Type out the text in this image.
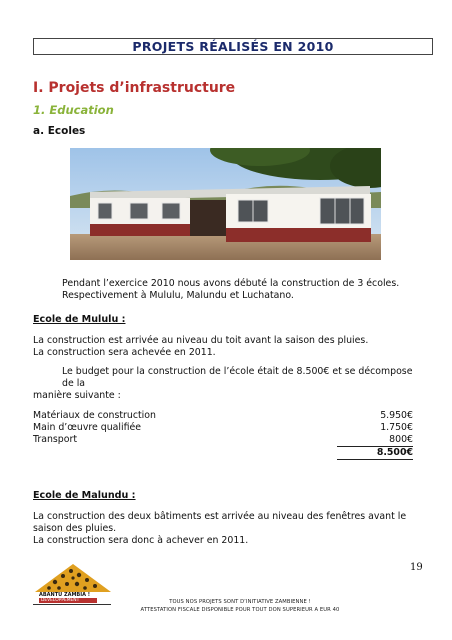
PROJETS RÉALISÉS EN 2010
I. Projets d’infrastructure
1. Education
a. Ecoles
Pendant l’exercice 2010 nous avons débuté la construction de 3 écoles.
Respectivement à Mululu, Malundu et Luchatano.
Ecole de Mululu :
La construction est arrivée au niveau du toit avant la saison des pluies.
La construction sera achevée en 2011.
Le budget pour la construction de l’école était de 8.500€ et se décompose de la
manière suivante :
Matériaux de construction	5.950€
Main d’œuvre qualifiée	1.750€
Transport	800€
8.500€
Ecole de Malundu :
La construction des deux bâtiments est arrivée au niveau des fenêtres avant le
saison des pluies.
La construction sera donc à achever en 2011.
19
ABANTU ZAMBIA !
DEVELOPPEMENT	TOUS NOS PROJETS SONT D’INITIATIVE ZAMBIENNE !
ATTESTATION FISCALE DISPONIBLE POUR TOUT DON SUPERIEUR A EUR 40
